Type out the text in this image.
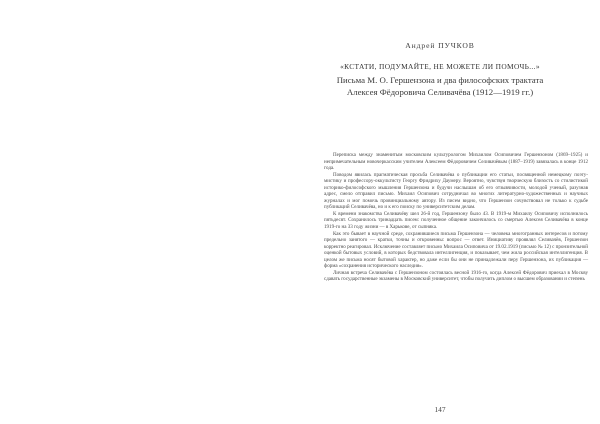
Андрей ПУЧКОВ
«КСТАТИ, ПОДУМАЙТЕ, НЕ МОЖЕТЕ ЛИ ПОМОЧЬ...»
Письма М. О. Гершензона и два философских трактата
Алексея Фёдоровича Селивачёва (1912—1919 гг.)

Переписка между знаменитым московским культурологом Михаилом Осиповичем Гершензоном (1869–1925) и непримечательным новочеркасским учителем Алексеем Фёдоровичем Селивачёвым (1887–1919) завязалась в конце 1912 года.

Поводом явилась прагматическая просьба Селивачёва о публикации его статьи, посвященной немецкому поэту-мистику и профессору-оккультисту Георгу Фридриху Даумеру. Вероятно, чувствуя творческую близость со стилистикой историко-философского мышления Гершензона и будучи наслышан об его отзывчивости, молодой ученый, разузнав адрес, смело отправил письмо. Михаил Осипович сотрудничал во многих литературно-художественных и научных журналах и мог помочь провинциальному автору. Из писем видно, что Гершензон сочувствовал не только к судьбе публикаций Селивачёва, но и к его поиску по университетским делам.

К времени знакомства Селивачёву шел 26-й год, Гершензону было 43. В 1919-м Михаилу Осиповичу исполнилось пятьдесят. Сохранилось тринадцать писем: полученное общение закончилось со смертью Алексея Селивачёва в конце 1919-го на 33 году жизни — в Харькове, от сыпняка.

Как это бывает в научной среде, сохранившиеся письма Гершензона — человека многогранных интересов и потому предельно занятого — кратки, точны и откровенны: вопрос — ответ. Инициативу проявлял Селивачёв, Гершензон корректно реагировал. Исключение составляет письмо Михаила Осиповича от 19.02.1919 (письмо № 12) с пронзительной оценкой бытовых условий, в которых бедствовала интеллигенция, и показывает, чем жила российская интеллигенция. В целом же письма носят бытовой характер, но даже если бы они не принадлежали перу Гершензона, их публикация — форма «сохранения исторического наследия».

Личная встреча Селивачёва с Гершензоном состоялась весной 1916-го, когда Алексей Фёдорович приехал в Москву сдавать государственные экзамены в Московский университет, чтобы получить диплом о высшем образовании и степень

147
